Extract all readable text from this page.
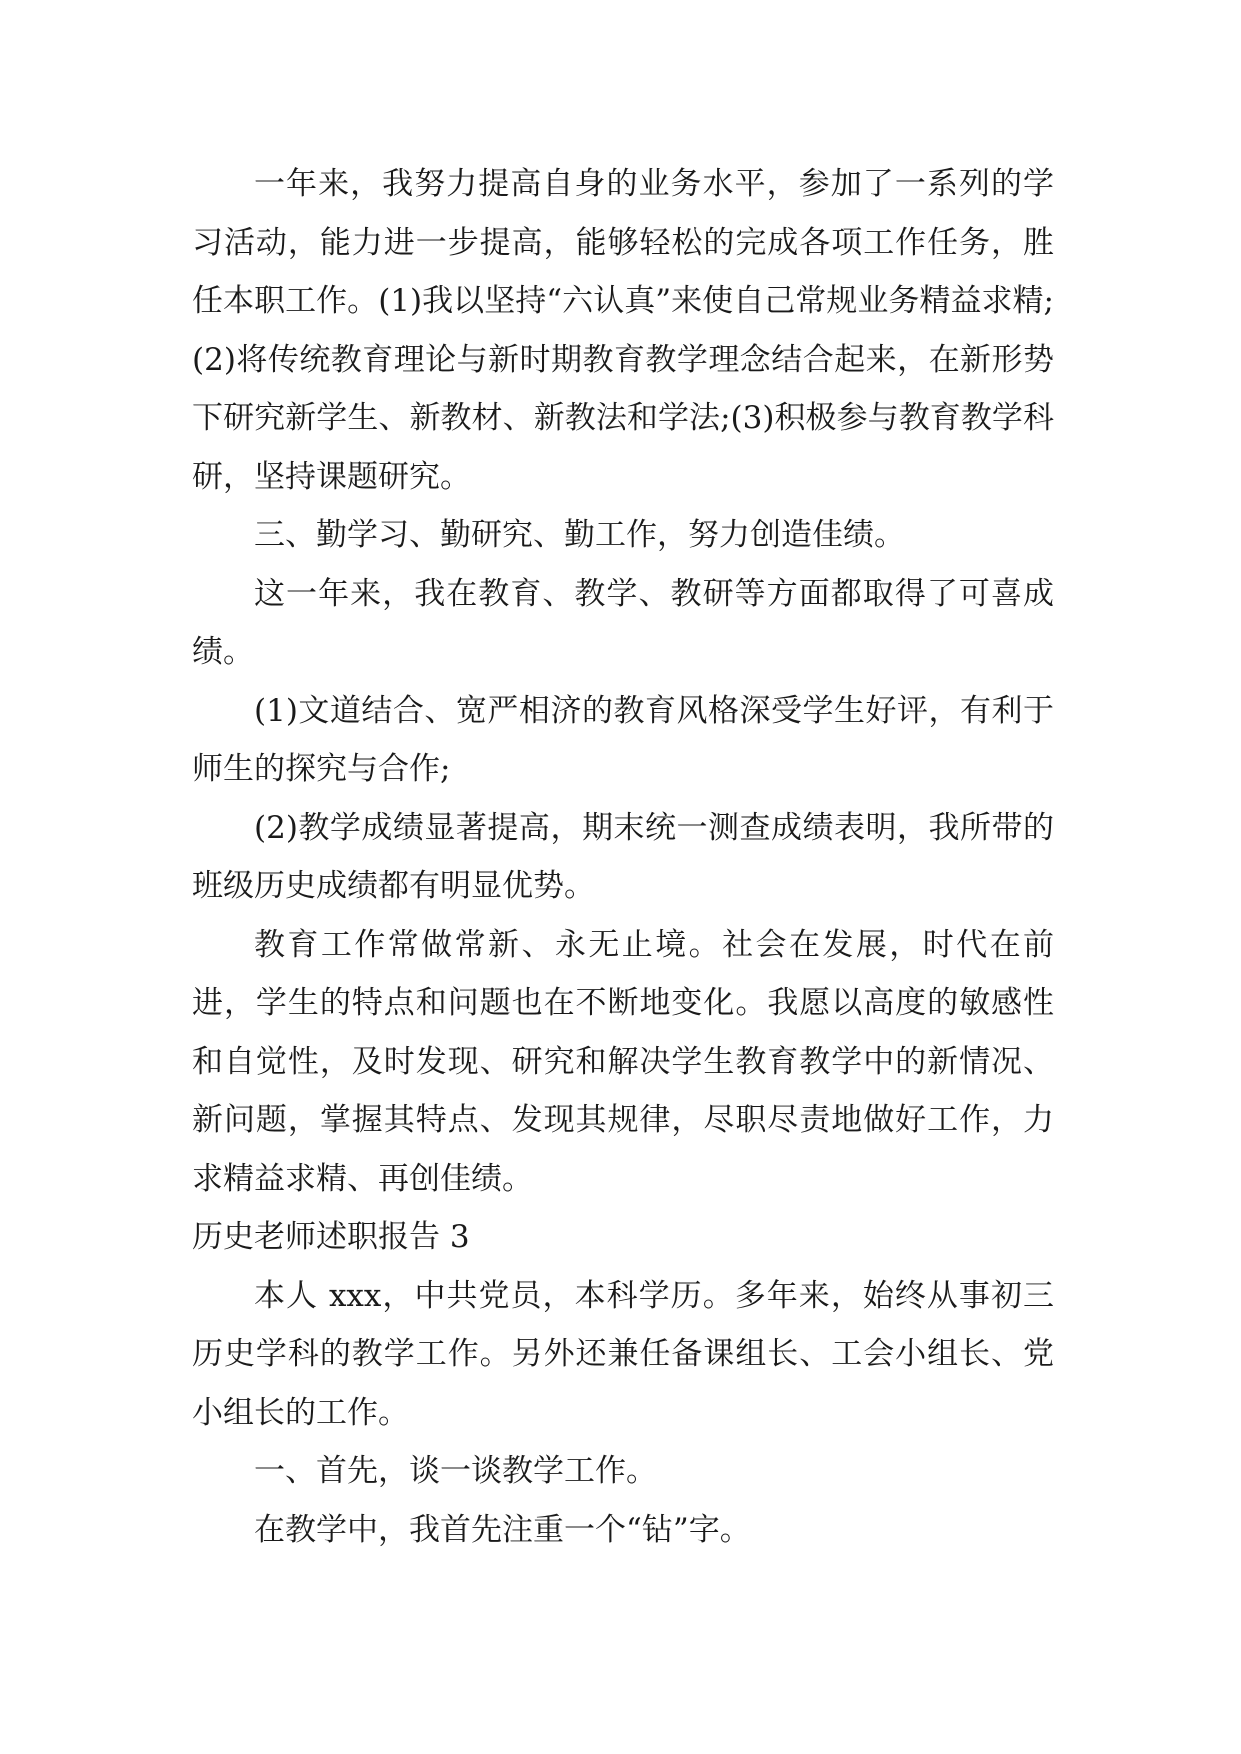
一年来，我努力提高自身的业务水平，参加了一系列的学习活动，能力进一步提高，能够轻松的完成各项工作任务，胜任本职工作。(1)我以坚持“六认真”来使自己常规业务精益求精;(2)将传统教育理论与新时期教育教学理念结合起来，在新形势下研究新学生、新教材、新教法和学法;(3)积极参与教育教学科研，坚持课题研究。

三、勤学习、勤研究、勤工作，努力创造佳绩。

这一年来，我在教育、教学、教研等方面都取得了可喜成绩。

(1)文道结合、宽严相济的教育风格深受学生好评，有利于师生的探究与合作;

(2)教学成绩显著提高，期末统一测查成绩表明，我所带的班级历史成绩都有明显优势。

教育工作常做常新、永无止境。社会在发展，时代在前进，学生的特点和问题也在不断地变化。我愿以高度的敏感性和自觉性，及时发现、研究和解决学生教育教学中的新情况、新问题，掌握其特点、发现其规律，尽职尽责地做好工作，力求精益求精、再创佳绩。

历史老师述职报告 3

本人 xxx，中共党员，本科学历。多年来，始终从事初三历史学科的教学工作。另外还兼任备课组长、工会小组长、党小组长的工作。

一、首先，谈一谈教学工作。

在教学中，我首先注重一个“钻”字。
